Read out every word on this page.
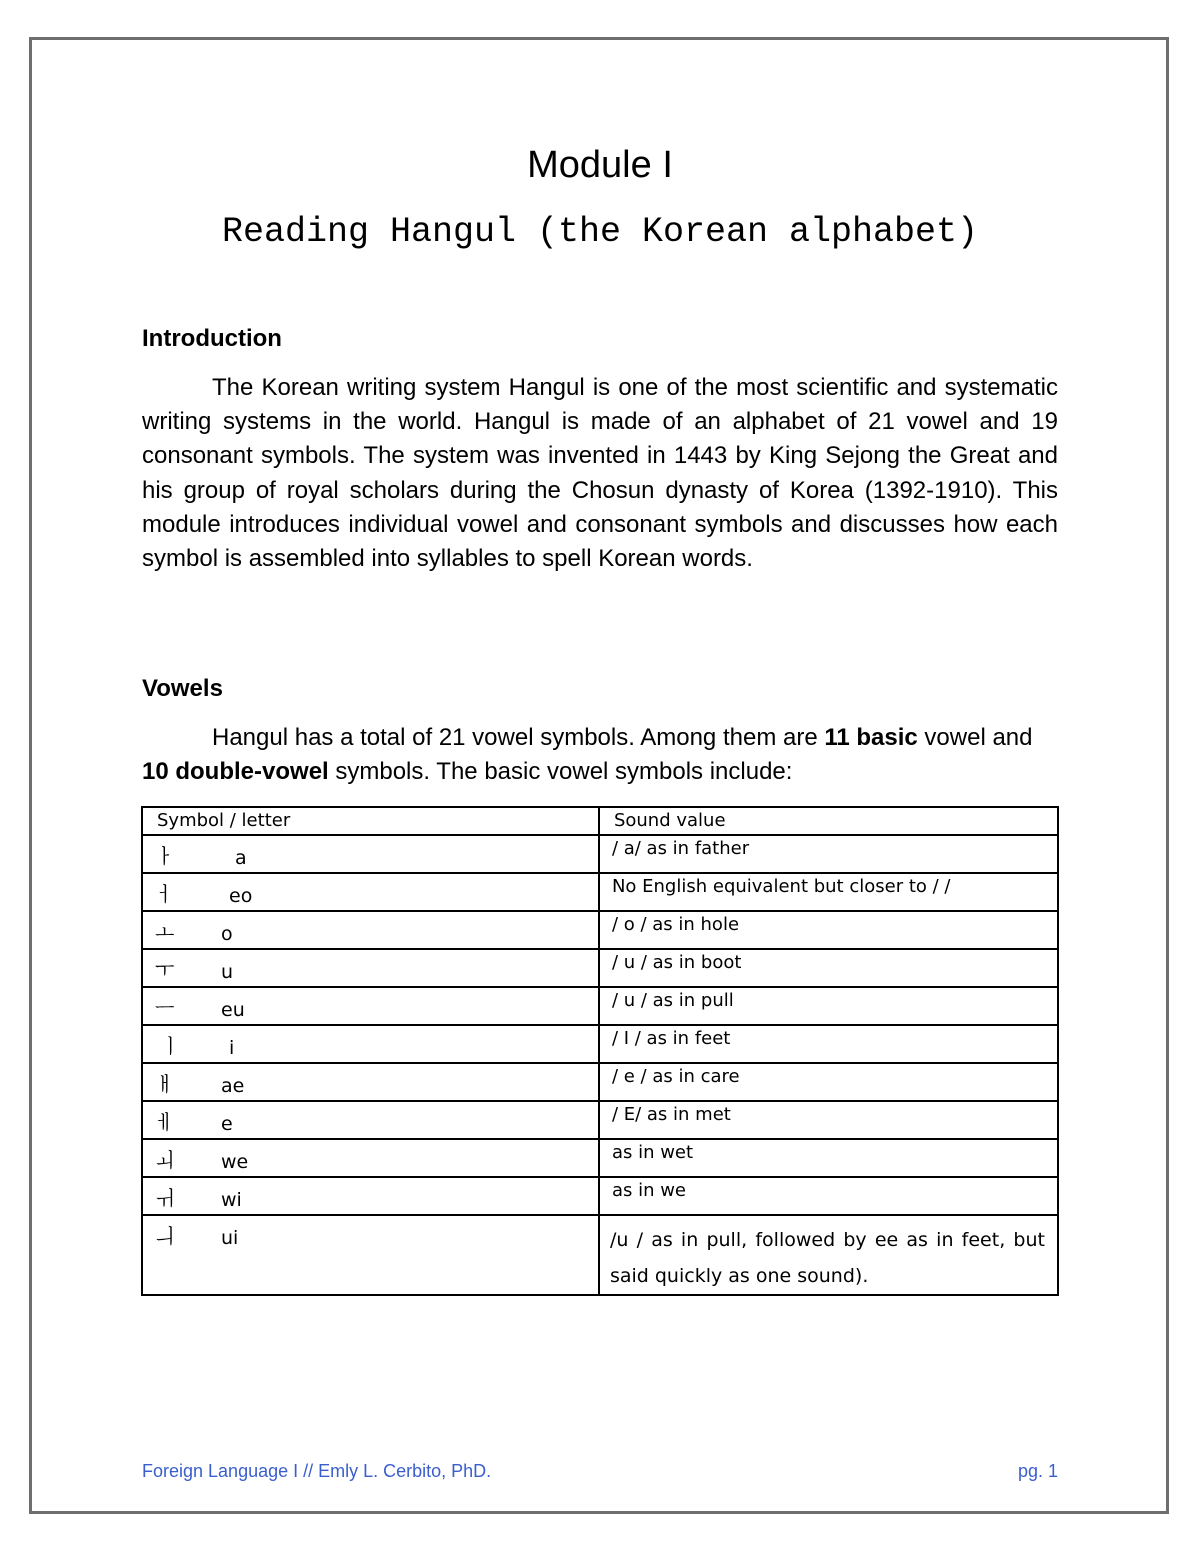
Module I
Reading Hangul (the Korean alphabet)
Introduction

The Korean writing system Hangul is one of the most scientific and systematic writing systems in the world. Hangul is made of an alphabet of 21 vowel and 19 consonant symbols. The system was invented in 1443 by King Sejong the Great and his group of royal scholars during the Chosun dynasty of Korea (1392-1910). This module introduces individual vowel and consonant symbols and discusses how each symbol is assembled into syllables to spell Korean words.

Vowels

Hangul has a total of 21 vowel symbols. Among them are 11 basic vowel and 10 double-vowel symbols. The basic vowel symbols include:

Symbol / letter	Sound value

ㅏ a	/ a/ as in father

ㅓ eo	No English equivalent but closer to / /

ㅗ o	/ o / as in hole

ㅜ u	/ u / as in boot

ㅡ eu	/ u / as in pull

ㅣ i	/ I / as in feet

ㅐ ae	/ e / as in care

ㅔ e	/ E/ as in met

ㅚ we	as in wet

ㅟ wi	as in we

ㅢ ui	/u / as in pull, followed by ee as in feet, but said quickly as one sound).
Foreign Language I // Emly L. Cerbito, PhD.	pg. 1
